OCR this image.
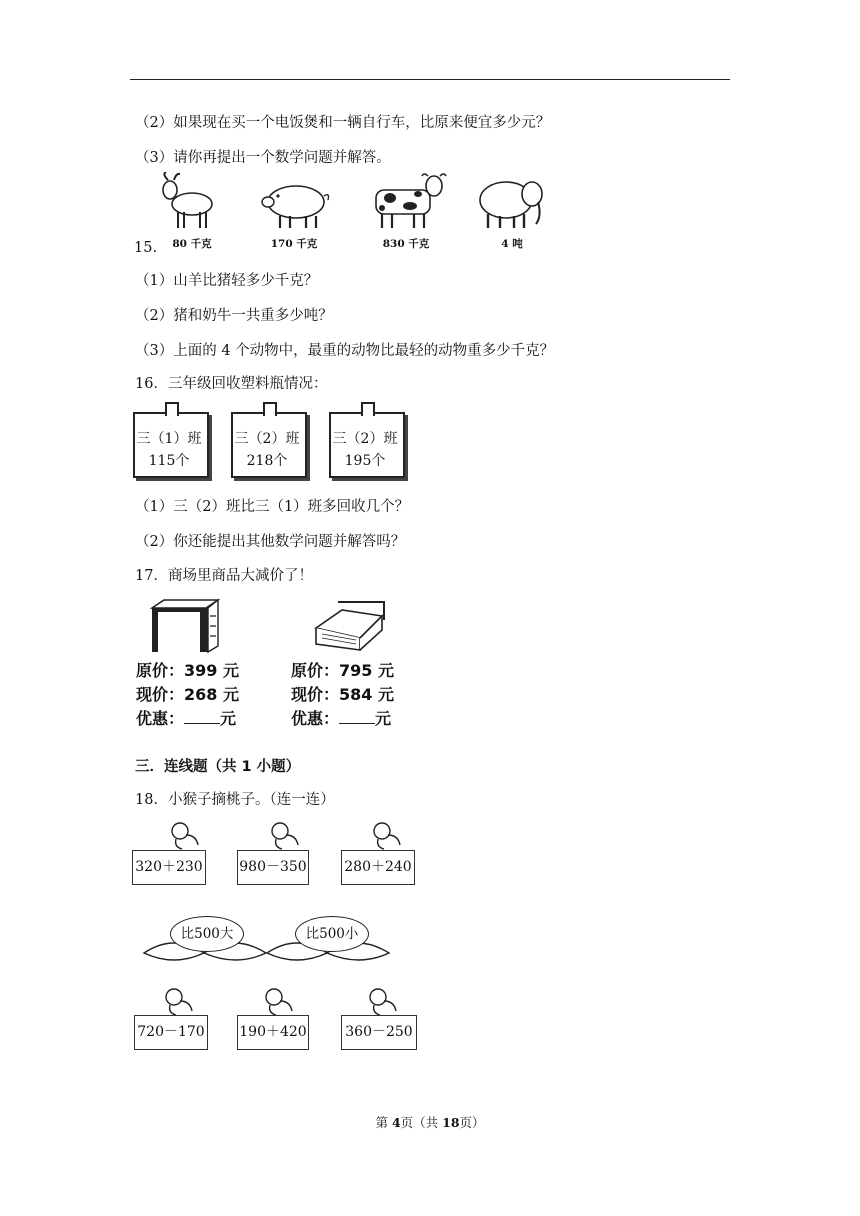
（2）如果现在买一个电饭煲和一辆自行车，比原来便宜多少元？
（3）请你再提出一个数学问题并解答。
15.	80 千克	170 千克	830 千克	4 吨
（1）山羊比猪轻多少千克？
（2）猪和奶牛一共重多少吨？
（3）上面的 4 个动物中，最重的动物比最轻的动物重多少千克？
16．三年级回收塑料瓶情况：
三（1）班
115个
三（2）班
218个
三（2）班
195个
（1）三（2）班比三（1）班多回收几个？
（2）你还能提出其他数学问题并解答吗？
17．商场里商品大减价了！
原价：399 元
现价：268 元
优惠： 元
原价：795 元
现价：584 元
优惠： 元
三．连线题（共 1 小题）
18．小猴子摘桃子。（连一连）
320＋230	980－350	280＋240
比500大	比500小
720－170 190＋420	360－250
第 4页（共 18页）
